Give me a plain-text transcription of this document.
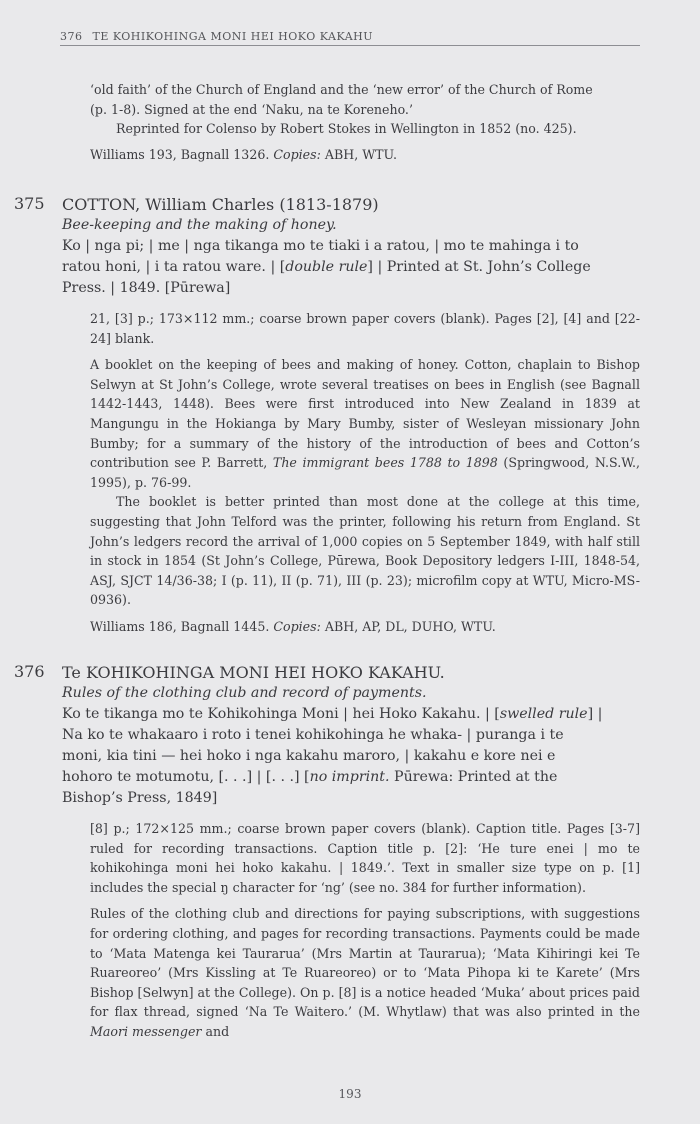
376 TE KOHIKOHINGA MONI HEI HOKO KAKAHU

‘old faith’ of the Church of England and the ‘new error’ of the Church of Rome

(p. 1-8). Signed at the end ‘Naku, na te Koreneho.’

Reprinted for Colenso by Robert Stokes in Wellington in 1852 (no. 425).

Williams 193, Bagnall 1326. Copies: ABH, WTU.

375 COTTON, William Charles (1813-1879)

Bee-keeping and the making of honey.

Ko | nga pi; | me | nga tikanga mo te tiaki i a ratou, | mo te mahinga i to

ratou honi, | i ta ratou ware. | [double rule] | Printed at St. John’s College

Press. | 1849. [Pūrewa]

21, [3] p.; 173×112 mm.; coarse brown paper covers (blank). Pages [2], [4] and [22-24] blank.

A booklet on the keeping of bees and making of honey. Cotton, chaplain to Bishop Selwyn at St John’s College, wrote several treatises on bees in English (see Bagnall 1442-1443, 1448). Bees were first introduced into New Zealand in 1839 at Mangungu in the Hokianga by Mary Bumby, sister of Wesleyan missionary John Bumby; for a summary of the history of the introduction of bees and Cotton’s contribution see P. Barrett, The immigrant bees 1788 to 1898 (Springwood, N.S.W., 1995), p. 76-99.

The booklet is better printed than most done at the college at this time, suggesting that John Telford was the printer, following his return from England. St John’s ledgers record the arrival of 1,000 copies on 5 September 1849, with half still in stock in 1854 (St John’s College, Pūrewa, Book Depository ledgers I-III, 1848-54, ASJ, SJCT 14/36-38; I (p. 11), II (p. 71), III (p. 23); microfilm copy at WTU, Micro-MS-0936).

Williams 186, Bagnall 1445. Copies: ABH, AP, DL, DUHO, WTU.

376 Te KOHIKOHINGA MONI HEI HOKO KAKAHU.

Rules of the clothing club and record of payments.

Ko te tikanga mo te Kohikohinga Moni | hei Hoko Kakahu. | [swelled rule] |

Na ko te whakaaro i roto i tenei kohikohinga he whaka- | puranga i te

moni, kia tini — hei hoko i nga kakahu maroro, | kakahu e kore nei e

hohoro te motumotu, [. . .] | [. . .] [no imprint. Pūrewa: Printed at the

Bishop’s Press, 1849]

[8] p.; 172×125 mm.; coarse brown paper covers (blank). Caption title. Pages [3-7] ruled for recording transactions. Caption title p. [2]: ‘He ture enei | mo te kohikohinga moni hei hoko kakahu. | 1849.’. Text in smaller size type on p. [1] includes the special ŋ character for ‘ng’ (see no. 384 for further information).

Rules of the clothing club and directions for paying subscriptions, with suggestions for ordering clothing, and pages for recording transactions. Payments could be made to ‘Mata Matenga kei Taurarua’ (Mrs Martin at Taurarua); ‘Mata Kihiringi kei Te Ruareoreo’ (Mrs Kissling at Te Ruareoreo) or to ‘Mata Pihopa ki te Karete’ (Mrs Bishop [Selwyn] at the College). On p. [8] is a notice headed ‘Muka’ about prices paid for flax thread, signed ‘Na Te Waitero.’ (M. Whytlaw) that was also printed in the Maori messenger and

193
